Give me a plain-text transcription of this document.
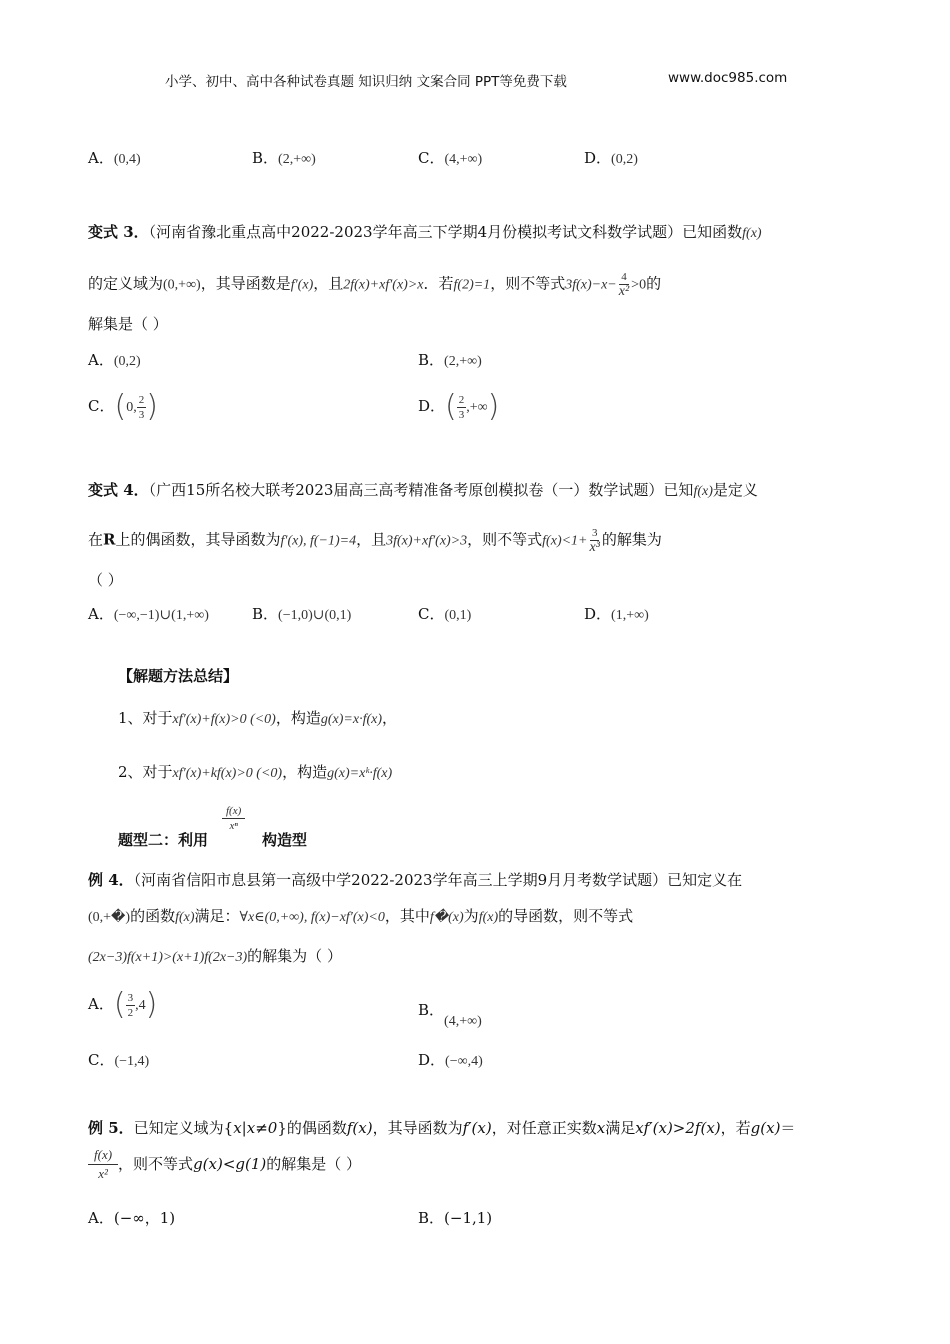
小学、初中、高中各种试卷真题 知识归纳 文案合同 PPT等免费下载	www.doc985.com
A．(0,4)	B．(2,+∞)	C．(4,+∞)	D．(0,2)
变式 3．（河南省豫北重点高中2022-2023学年高三下学期4月份模拟考试文科数学试题）已知函数f(x)
的定义域为(0,+∞)，其导函数是f′(x)，且2f(x)+xf′(x)>x．若f(2)=1，则不等式$3f(x)-x- \frac{4}{\text{x²}} >0$的
解集是（ ）
A．(0,2)	B．(2,+∞)
C．(0, $\frac{2}{3}$ )	D．( $\frac{2}{3}$ ,+∞)
变式 4．（广西15所名校大联考2023届高三高考精准备考原创模拟卷（一）数学试题）已知f(x)是定义
在R上的偶函数，其导函数为f′(x), f(−1)=4，且3f(x)+xf′(x)>3，则不等式$f(x)<1+ \frac{3}{\text{x³}}$ 的解集为
（ ）
A．(−∞,−1)∪(1,+∞)	B．(−1,0)∪(0,1)	C．(0,1)	D．(1,+∞)
【解题方法总结】
1、对于xf′(x)+f(x)>0 (<0)，构造g(x)=x·f(x)，
2、对于xf′(x)+kf(x)>0 (<0)，构造g(x)=xᵏ·f(x)
题型二：利用
$\frac{f(x)}{\text{xⁿ}}$
构造型
例 4．（河南省信阳市息县第一高级中学2022-2023学年高三上学期9月月考数学试题）已知定义在
(0,+�)的函数f(x)满足：∀x∈(0,+∞), f(x)−xf′(x)<0，其中f�(x)为f(x)的导函数，则不等式
(2x−3)f(x+1)>(x+1)f(2x−3)的解集为（ ）
A．( $\frac{3}{2} ,4$)	B．(4,+∞)
C．(−1,4)	D．(−∞,4)
例 5．已知定义域为{x|x≠0}的偶函数f(x)，其导函数为f′(x)，对任意正实数x满足xf′(x)>2f(x)，若g(x)＝
$\frac{f(x)}{\text{x²}}$ ，则不等式g(x)<g(1)的解集是（ ）
A．(−∞，1)	B．(−1,1)
